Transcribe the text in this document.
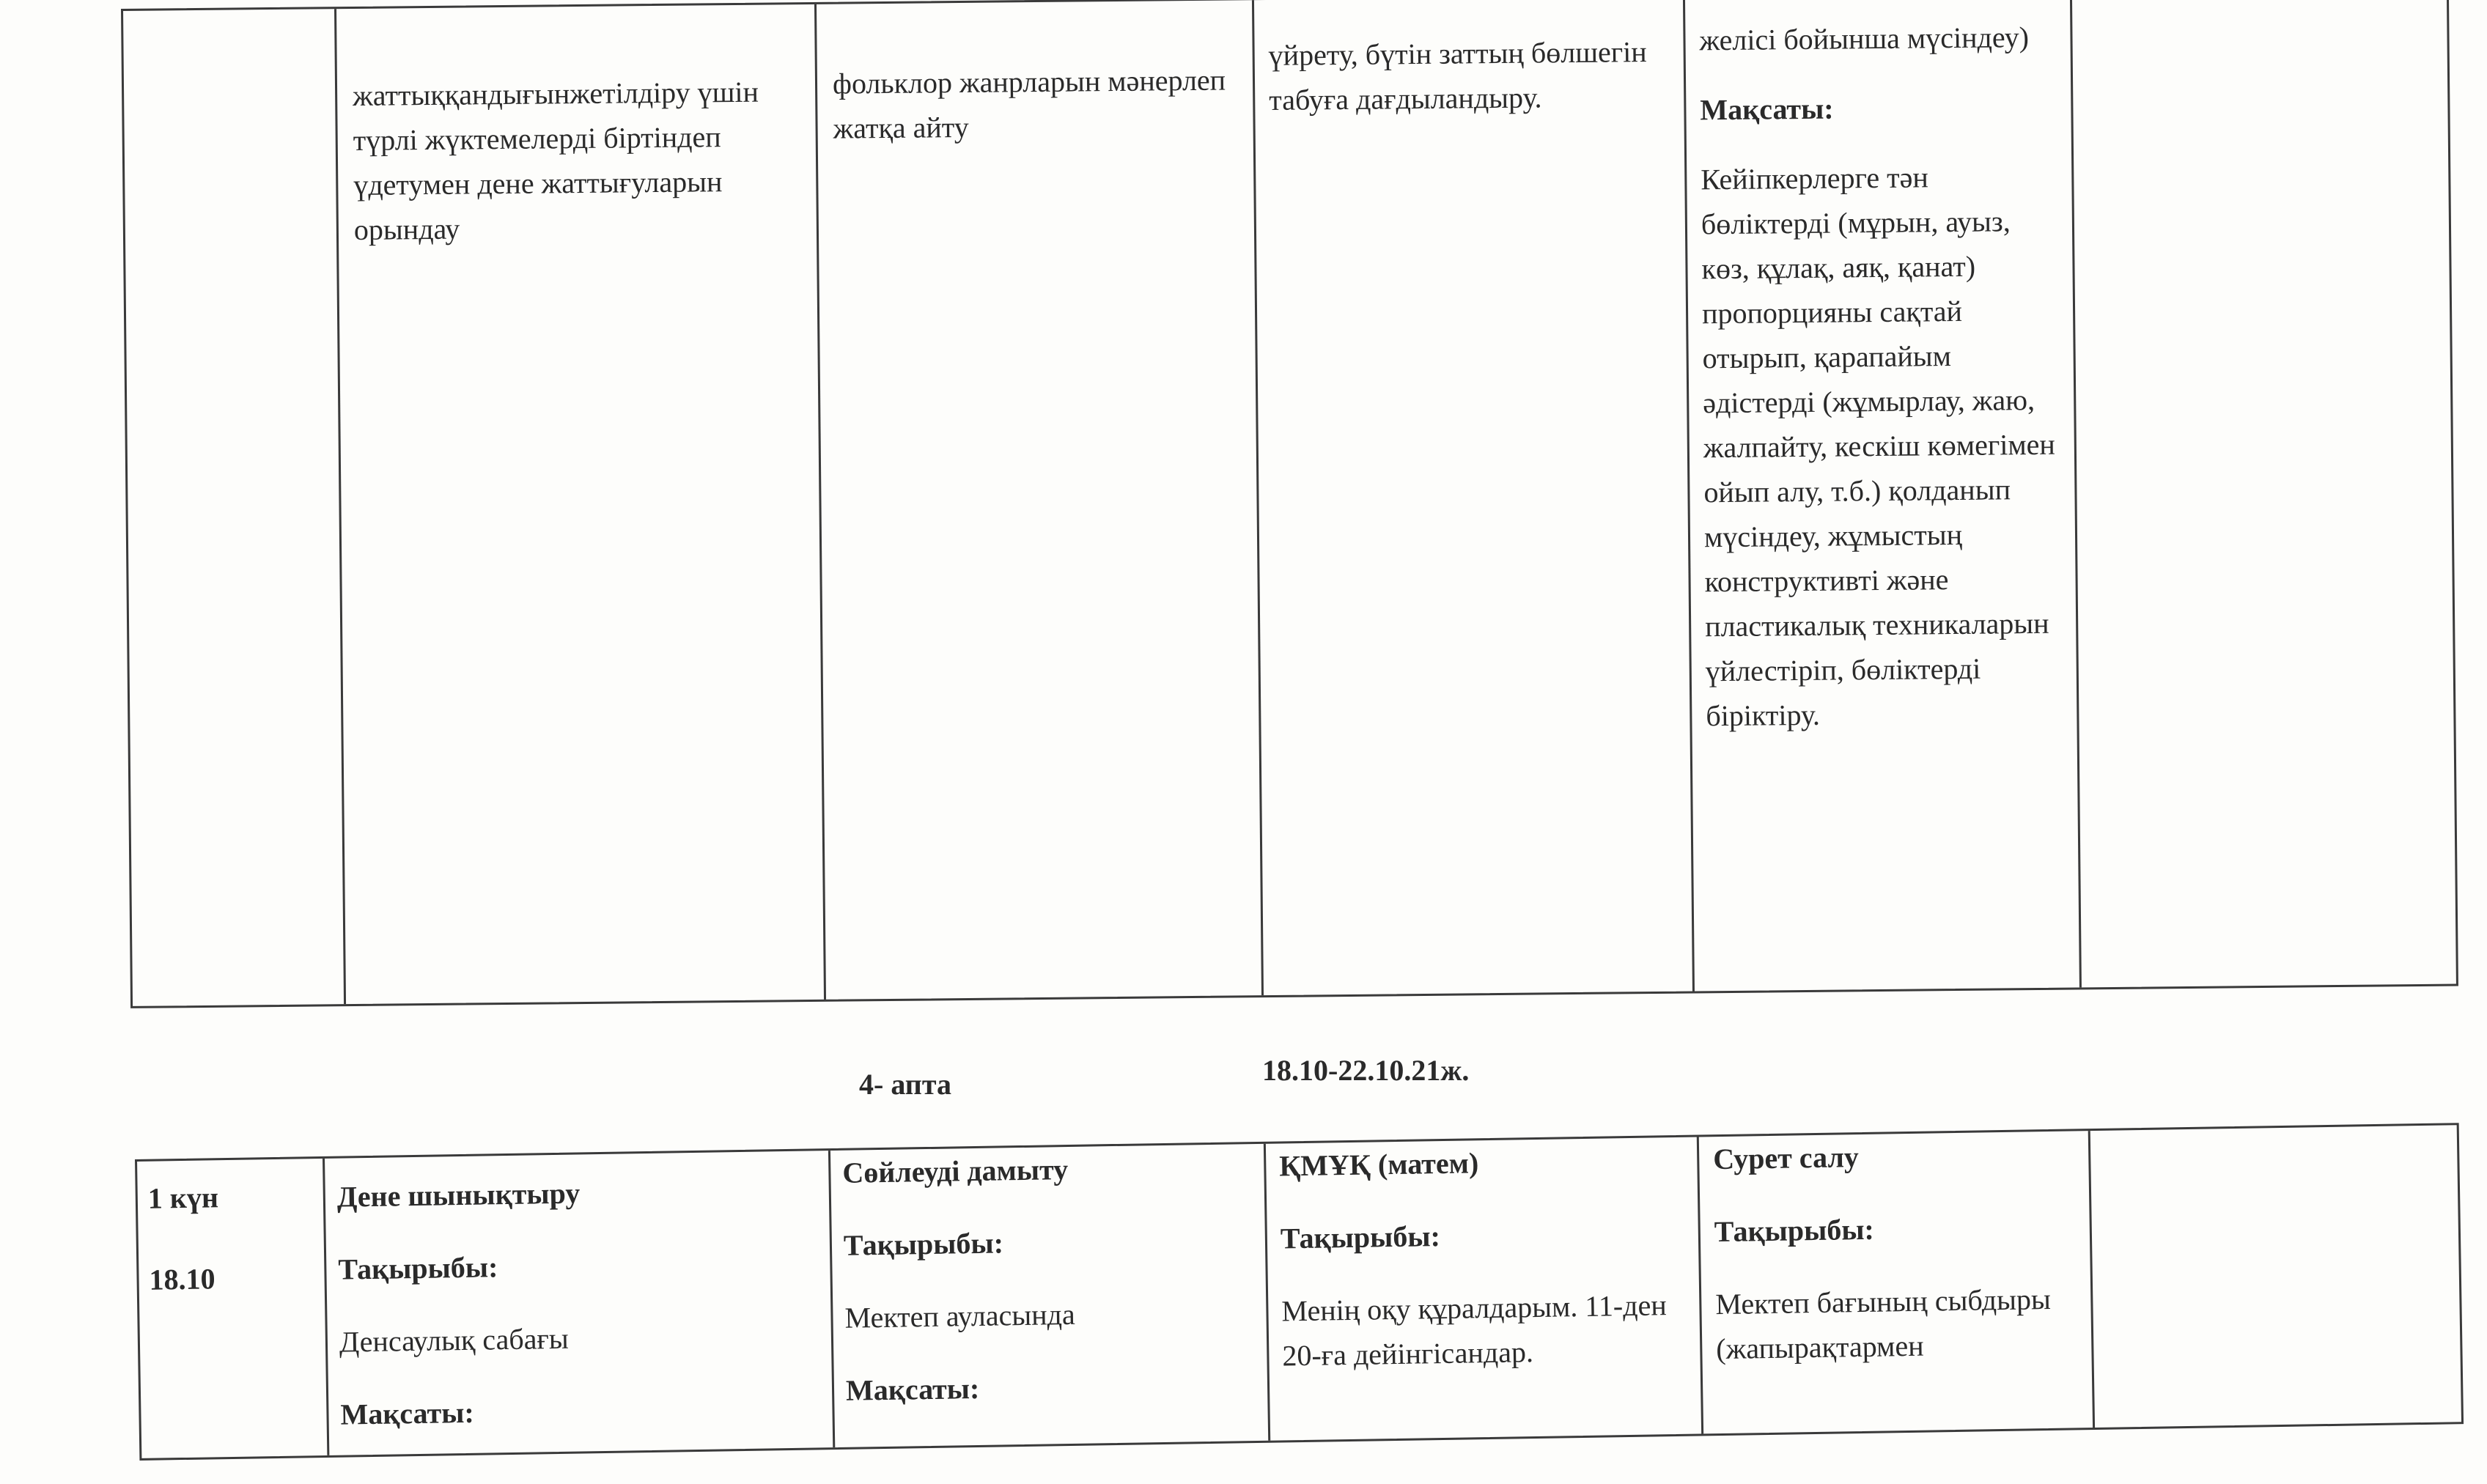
жаттыққандығынжетілдіру үшін түрлі жүктемелерді біртіндеп үдетумен дене жаттығуларын орындау
фольклор жанрларын мәнерлеп жатқа айту
үйрету, бүтін заттың бөлшегін табуға дағдыландыру.
желісі бойынша мүсіндеу)
Мақсаты:
Кейіпкерлерге тән бөліктерді (мұрын, ауыз, көз, құлақ, аяқ, қанат) пропорцияны сақтай отырып, қарапайым әдістерді (жұмырлау, жаю, жалпайту, кескіш көмегімен ойып алу, т.б.) қолданып мүсіндеу, жұмыстың конструктивті және пластикалық техникаларын үйлестіріп, бөліктерді біріктіру.
4- апта	18.10-22.10.21ж.
1 күн
18.10
Дене шынықтыру
Тақырыбы:
Денсаулық сабағы
Мақсаты:
Сөйлеуді дамыту
Тақырыбы:
Мектеп ауласында
Мақсаты:
ҚМҰҚ (матем)
Тақырыбы:
Менің оқу құралдарым. 11-ден 20-ға дейінгісандар.
Сурет салу
Тақырыбы:
Мектеп бағының сыбдыры (жапырақтармен
